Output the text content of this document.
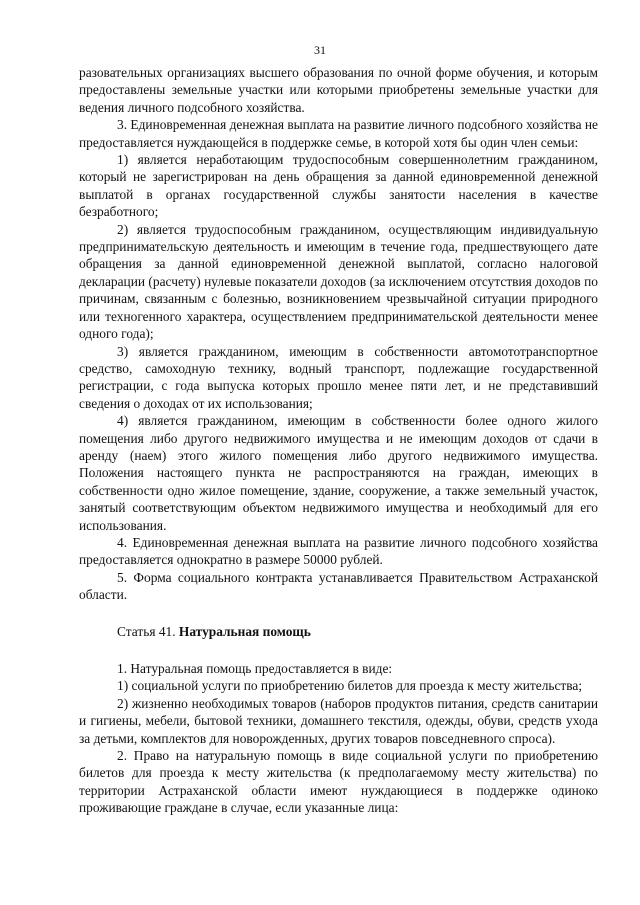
31

разовательных организациях высшего образования по очной форме обучения, и которым предоставлены земельные участки или которыми приобретены земельные участки для ведения личного подсобного хозяйства.

3. Единовременная денежная выплата на развитие личного подсобного хозяйства не предоставляется нуждающейся в поддержке семье, в которой хотя бы один член семьи:

1) является неработающим трудоспособным совершеннолетним гражданином, который не зарегистрирован на день обращения за данной единовременной денежной выплатой в органах государственной службы занятости населения в качестве безработного;

2) является трудоспособным гражданином, осуществляющим индивидуальную предпринимательскую деятельность и имеющим в течение года, предшествующего дате обращения за данной единовременной денежной выплатой, согласно налоговой декларации (расчету) нулевые показатели доходов (за исключением отсутствия доходов по причинам, связанным с болезнью, возникновением чрезвычайной ситуации природного или техногенного характера, осуществлением предпринимательской деятельности менее одного года);

3) является гражданином, имеющим в собственности автомототранспортное средство, самоходную технику, водный транспорт, подлежащие государственной регистрации, с года выпуска которых прошло менее пяти лет, и не представивший сведения о доходах от их использования;

4) является гражданином, имеющим в собственности более одного жилого помещения либо другого недвижимого имущества и не имеющим доходов от сдачи в аренду (наем) этого жилого помещения либо другого недвижимого имущества. Положения настоящего пункта не распространяются на граждан, имеющих в собственности одно жилое помещение, здание, сооружение, а также земельный участок, занятый соответствующим объектом недвижимого имущества и необходимый для его использования.

4. Единовременная денежная выплата на развитие личного подсобного хозяйства предоставляется однократно в размере 50000 рублей.

5. Форма социального контракта устанавливается Правительством Астраханской области.

Статья 41. Натуральная помощь

1. Натуральная помощь предоставляется в виде:

1) социальной услуги по приобретению билетов для проезда к месту жительства;

2) жизненно необходимых товаров (наборов продуктов питания, средств санитарии и гигиены, мебели, бытовой техники, домашнего текстиля, одежды, обуви, средств ухода за детьми, комплектов для новорожденных, других товаров повседневного спроса).

2. Право на натуральную помощь в виде социальной услуги по приобретению билетов для проезда к месту жительства (к предполагаемому месту жительства) по территории Астраханской области имеют нуждающиеся в поддержке одиноко проживающие граждане в случае, если указанные лица:
